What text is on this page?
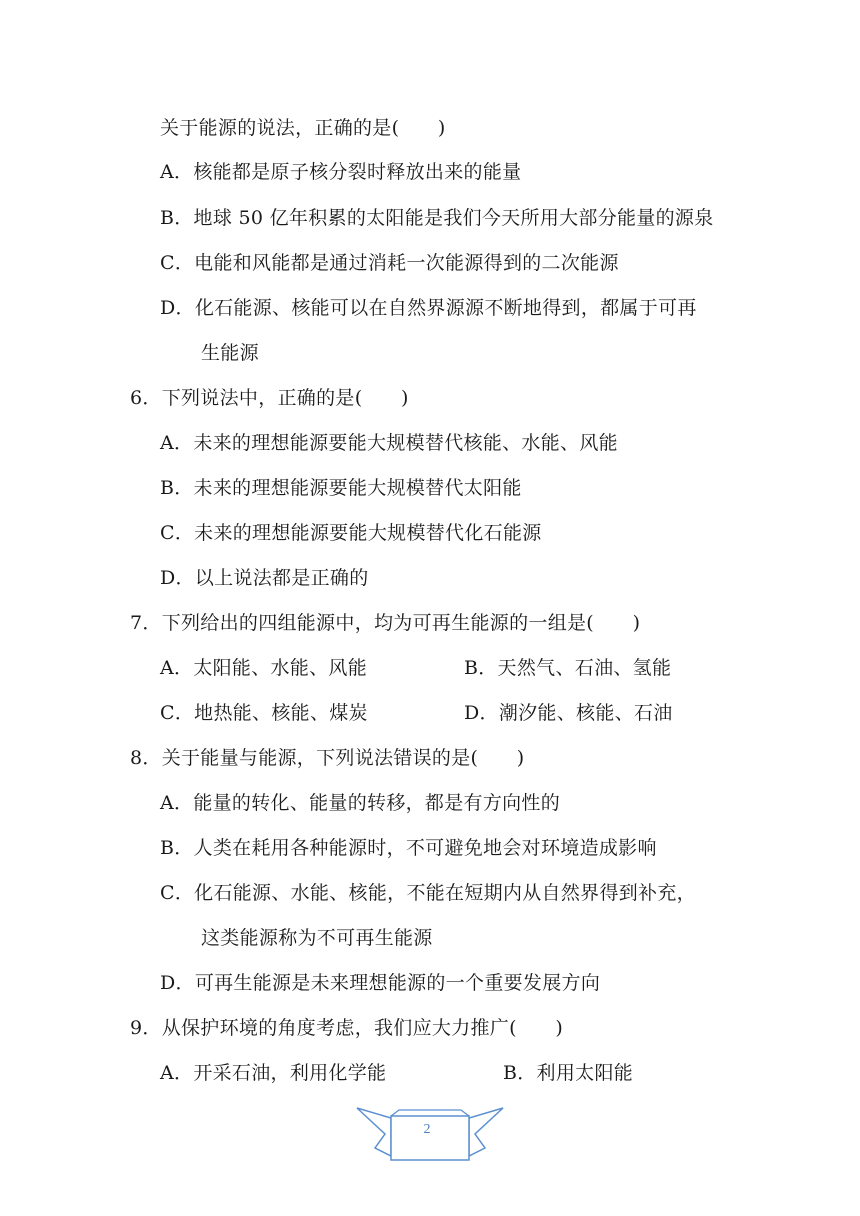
关于能源的说法，正确的是(　　)
A．核能都是原子核分裂时释放出来的能量
B．地球 50 亿年积累的太阳能是我们今天所用大部分能量的源泉
C．电能和风能都是通过消耗一次能源得到的二次能源
D．化石能源、核能可以在自然界源源不断地得到，都属于可再
生能源
6．下列说法中，正确的是(　　)
A．未来的理想能源要能大规模替代核能、水能、风能
B．未来的理想能源要能大规模替代太阳能
C．未来的理想能源要能大规模替代化石能源
D．以上说法都是正确的
7．下列给出的四组能源中，均为可再生能源的一组是(　　)
A．太阳能、水能、风能	B．天然气、石油、氢能
C．地热能、核能、煤炭	D．潮汐能、核能、石油
8．关于能量与能源，下列说法错误的是(　　)
A．能量的转化、能量的转移，都是有方向性的
B．人类在耗用各种能源时，不可避免地会对环境造成影响
C．化石能源、水能、核能，不能在短期内从自然界得到补充，
这类能源称为不可再生能源
D．可再生能源是未来理想能源的一个重要发展方向
9．从保护环境的角度考虑，我们应大力推广(　　)
A．开采石油，利用化学能	B．利用太阳能
2
